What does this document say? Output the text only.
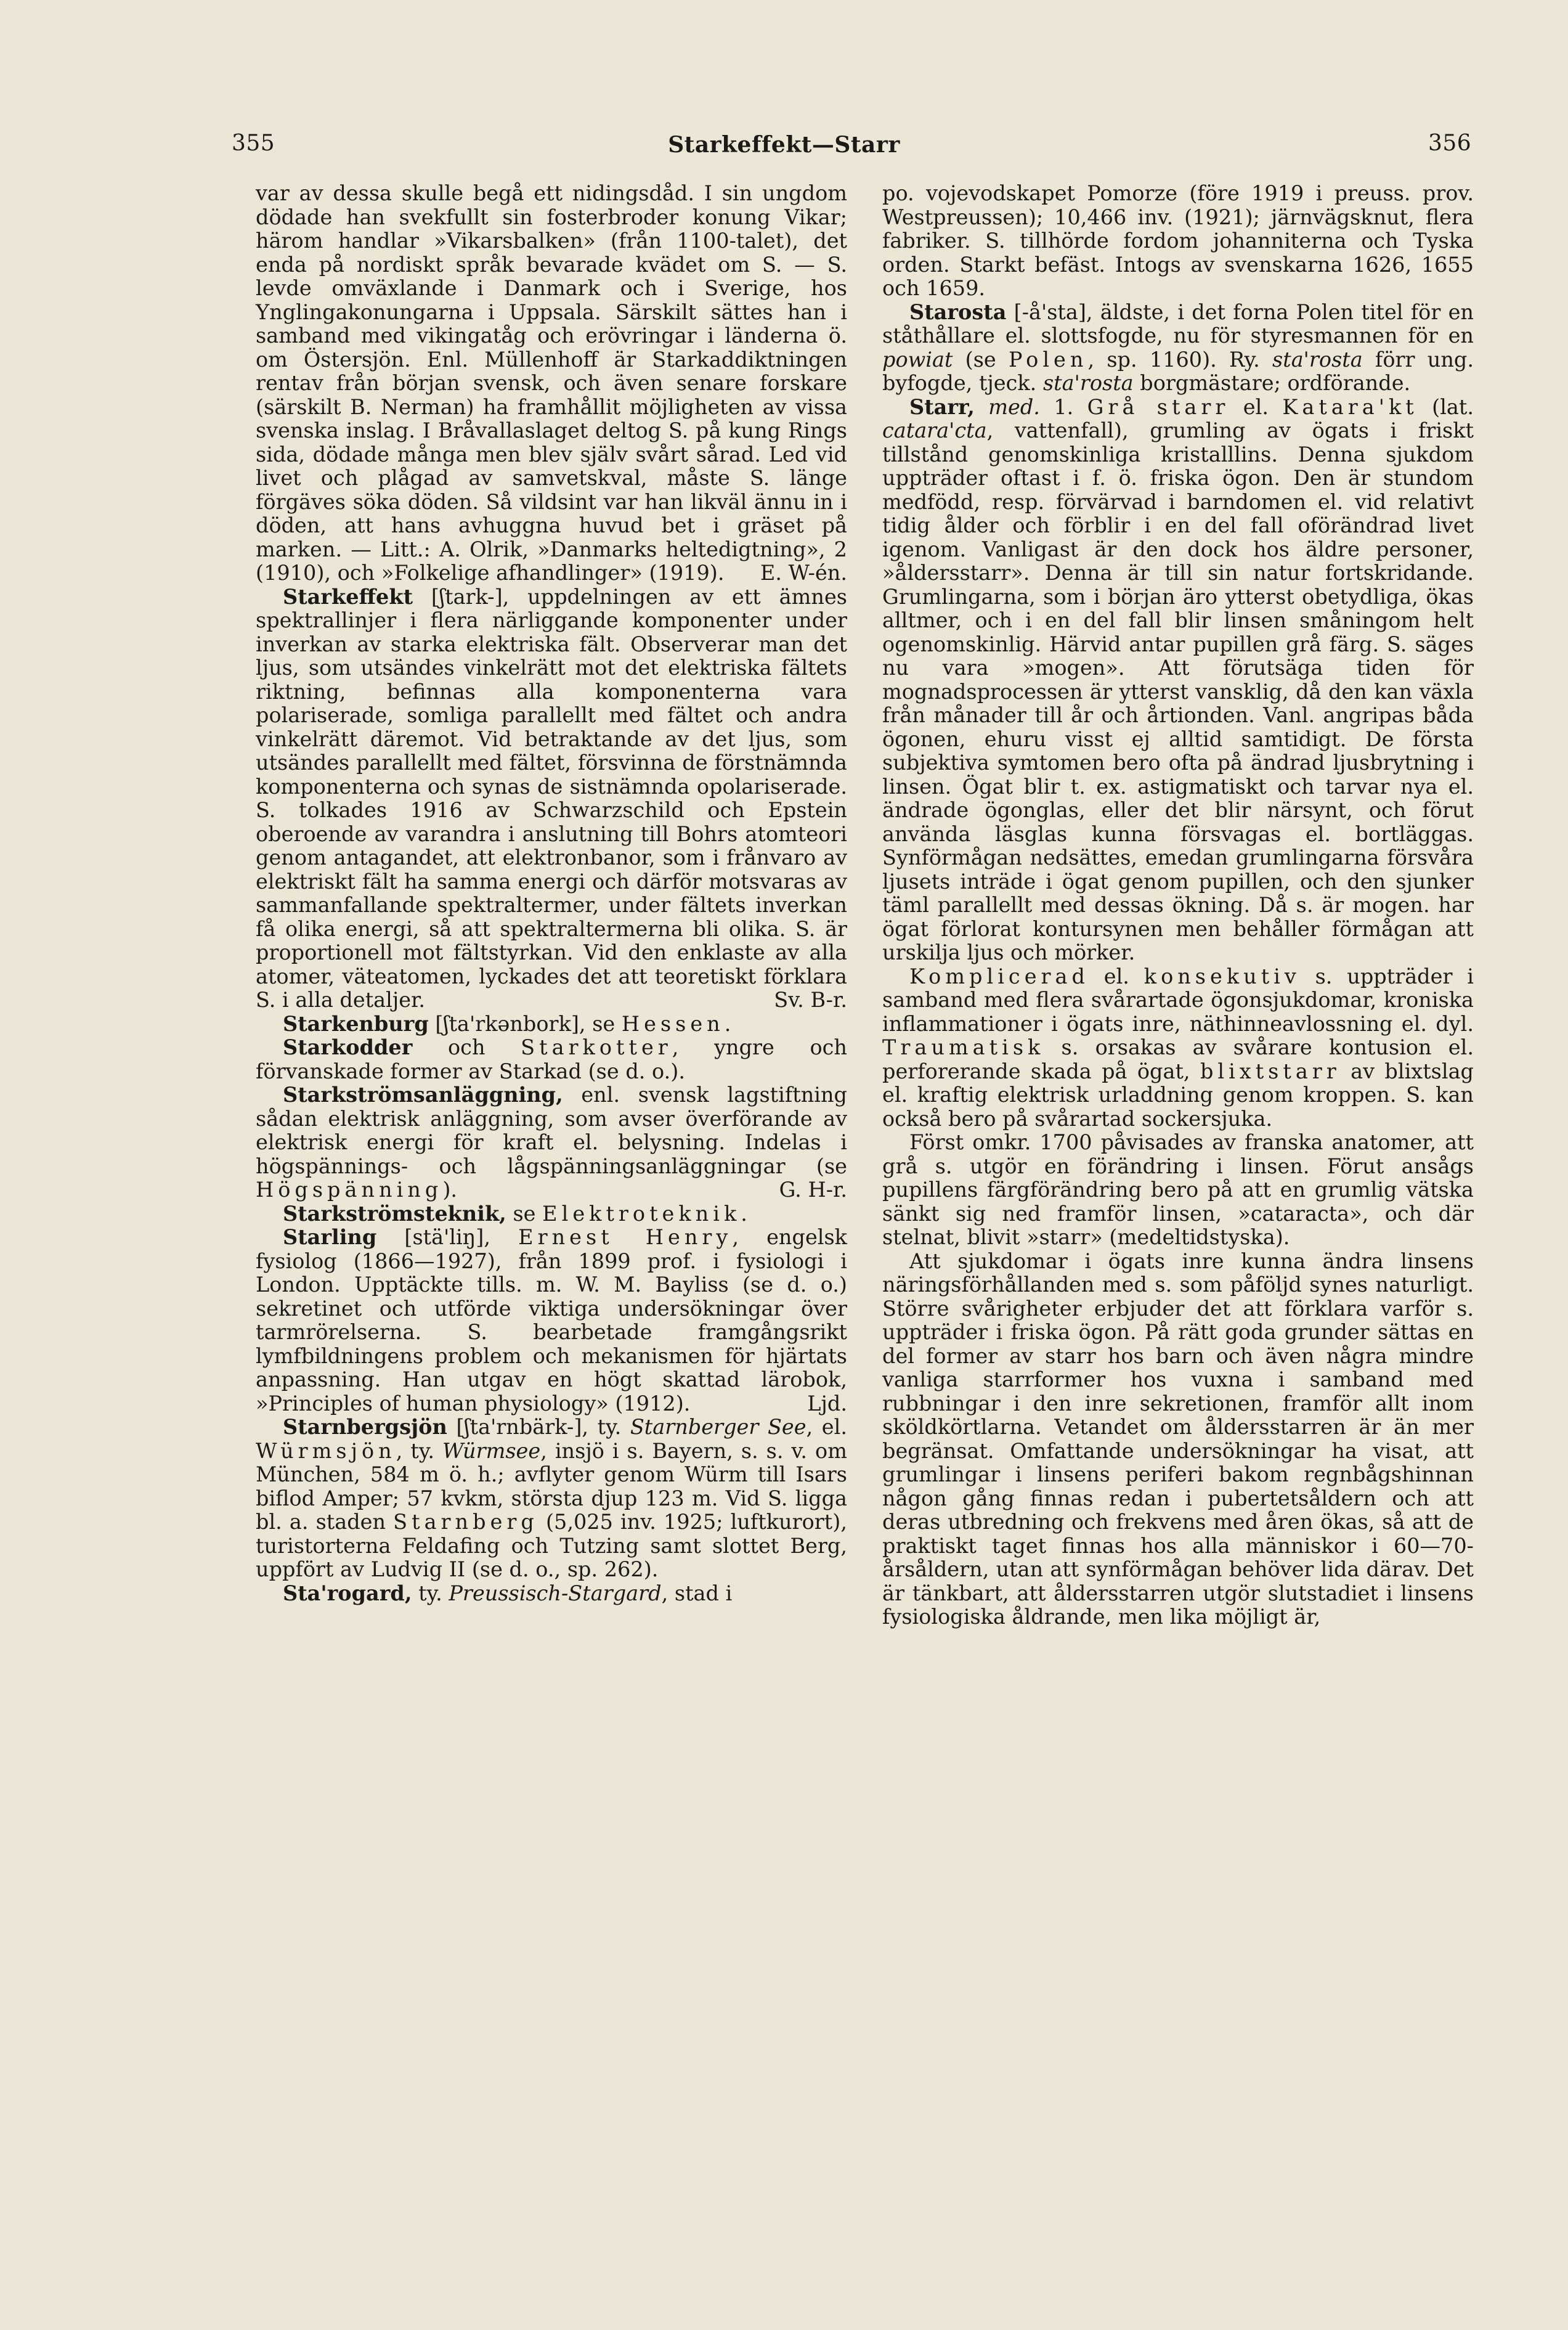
355	Starkeffekt—Starr	356

var av dessa skulle begå ett nidingsdåd. I sin ungdom dödade han svekfullt sin fosterbroder konung Vikar; härom handlar »Vikarsbalken» (från 1100-talet), det enda på nordiskt språk bevarade kvädet om S. — S. levde omväxlande i Danmark och i Sverige, hos Ynglingakonungarna i Uppsala. Särskilt sättes han i samband med vikingatåg och erövringar i länderna ö. om Östersjön. Enl. Müllenhoff är Starkaddiktningen rentav från början svensk, och även senare forskare (särskilt B. Nerman) ha framhållit möjligheten av vissa svenska inslag. I Bråvallaslaget deltog S. på kung Rings sida, dödade många men blev själv svårt sårad. Led vid livet och plågad av samvetskval, måste S. länge förgäves söka döden. Så vildsint var han likväl ännu in i döden, att hans avhuggna huvud bet i gräset på marken. — Litt.: A. Olrik, »Danmarks heltedigtning», 2 (1910), och »Folkelige afhandlinger» (1919). E. W-én.

Starkeffekt [ʃtark-], uppdelningen av ett ämnes spektrallinjer i flera närliggande komponenter under inverkan av starka elektriska fält. Observerar man det ljus, som utsändes vinkelrätt mot det elektriska fältets riktning, befinnas alla komponenterna vara polariserade, somliga parallellt med fältet och andra vinkelrätt däremot. Vid betraktande av det ljus, som utsändes parallellt med fältet, försvinna de förstnämnda komponenterna och synas de sistnämnda opolariserade. S. tolkades 1916 av Schwarzschild och Epstein oberoende av varandra i anslutning till Bohrs atomteori genom antagandet, att elektronbanor, som i frånvaro av elektriskt fält ha samma energi och därför motsvaras av sammanfallande spektraltermer, under fältets inverkan få olika energi, så att spektraltermerna bli olika. S. är proportionell mot fältstyrkan. Vid den enklaste av alla atomer, väteatomen, lyckades det att teoretiskt förklara S. i alla detaljer.	Sv. B-r.

Starkenburg [ʃta'rkənbork], se Hessen.

Starkodder och Starkotter, yngre och förvanskade former av Starkad (se d. o.).

Starkströmsanläggning, enl. svensk lagstiftning sådan elektrisk anläggning, som avser överförande av elektrisk energi för kraft el. belysning. Indelas i högspännings- och lågspänningsanläggningar (se Högspänning).	G. H-r.

Starkströmsteknik, se Elektroteknik.

Starling [stä'liŋ], Ernest Henry, engelsk fysiolog (1866—1927), från 1899 prof. i fysiologi i London. Upptäckte tills. m. W. M. Bayliss (se d. o.) sekretinet och utförde viktiga undersökningar över tarmrörelserna. S. bearbetade framgångsrikt lymfbildningens problem och mekanismen för hjärtats anpassning. Han utgav en högt skattad lärobok, »Principles of human physiology» (1912).	Ljd.

Starnbergsjön [ʃta'rnbärk-], ty. Starnberger See, el. Würmsjön, ty. Würmsee, insjö i s. Bayern, s. s. v. om München, 584 m ö. h.; avflyter genom Würm till Isars biflod Amper; 57 kvkm, största djup 123 m. Vid S. ligga bl. a. staden Starnberg (5,025 inv. 1925; luftkurort), turistorterna Feldafing och Tutzing samt slottet Berg, uppfört av Ludvig II (se d. o., sp. 262).

Sta'rogard, ty. Preussisch-Stargard, stad i

po. vojevodskapet Pomorze (före 1919 i preuss. prov. Westpreussen); 10,466 inv. (1921); järnvägsknut, flera fabriker. S. tillhörde fordom johanniterna och Tyska orden. Starkt befäst. Intogs av svenskarna 1626, 1655 och 1659.

Starosta [-å'sta], äldste, i det forna Polen titel för en ståthållare el. slottsfogde, nu för styresmannen för en powiat (se Polen, sp. 1160). Ry. sta'rosta förr ung. byfogde, tjeck. sta'rosta borgmästare; ordförande.

Starr, med. 1. Grå starr el. Katara'kt (lat. catara'cta, vattenfall), grumling av ögats i friskt tillstånd genomskinliga kristalllins. Denna sjukdom uppträder oftast i f. ö. friska ögon. Den är stundom medfödd, resp. förvärvad i barndomen el. vid relativt tidig ålder och förblir i en del fall oförändrad livet igenom. Vanligast är den dock hos äldre personer, »åldersstarr». Denna är till sin natur fortskridande. Grumlingarna, som i början äro ytterst obetydliga, ökas alltmer, och i en del fall blir linsen småningom helt ogenomskinlig. Härvid antar pupillen grå färg. S. säges nu vara »mogen». Att förutsäga tiden för mognadsprocessen är ytterst vansklig, då den kan växla från månader till år och årtionden. Vanl. angripas båda ögonen, ehuru visst ej alltid samtidigt. De första subjektiva symtomen bero ofta på ändrad ljusbrytning i linsen. Ögat blir t. ex. astigmatiskt och tarvar nya el. ändrade ögonglas, eller det blir närsynt, och förut använda läsglas kunna försvagas el. bortläggas. Synförmågan nedsättes, emedan grumlingarna försvåra ljusets inträde i ögat genom pupillen, och den sjunker täml parallellt med dessas ökning. Då s. är mogen. har ögat förlorat kontursynen men behåller förmågan att urskilja ljus och mörker.

Komplicerad el. konsekutiv s. uppträder i samband med flera svårartade ögonsjukdomar, kroniska inflammationer i ögats inre, näthinneavlossning el. dyl. Traumatisk s. orsakas av svårare kontusion el. perforerande skada på ögat, blixtstarr av blixtslag el. kraftig elektrisk urladdning genom kroppen. S. kan också bero på svårartad sockersjuka.

Först omkr. 1700 påvisades av franska anatomer, att grå s. utgör en förändring i linsen. Förut ansågs pupillens färgförändring bero på att en grumlig vätska sänkt sig ned framför linsen, »cataracta», och där stelnat, blivit »starr» (medeltidstyska).

Att sjukdomar i ögats inre kunna ändra linsens näringsförhållanden med s. som påföljd synes naturligt. Större svårigheter erbjuder det att förklara varför s. uppträder i friska ögon. På rätt goda grunder sättas en del former av starr hos barn och även några mindre vanliga starrformer hos vuxna i samband med rubbningar i den inre sekretionen, framför allt inom sköldkörtlarna. Vetandet om åldersstarren är än mer begränsat. Omfattande undersökningar ha visat, att grumlingar i linsens periferi bakom regnbågshinnan någon gång finnas redan i pubertetsåldern och att deras utbredning och frekvens med åren ökas, så att de praktiskt taget finnas hos alla människor i 60—70-årsåldern, utan att synförmågan behöver lida därav. Det är tänkbart, att åldersstarren utgör slutstadiet i linsens fysiologiska åldrande, men lika möjligt är,
